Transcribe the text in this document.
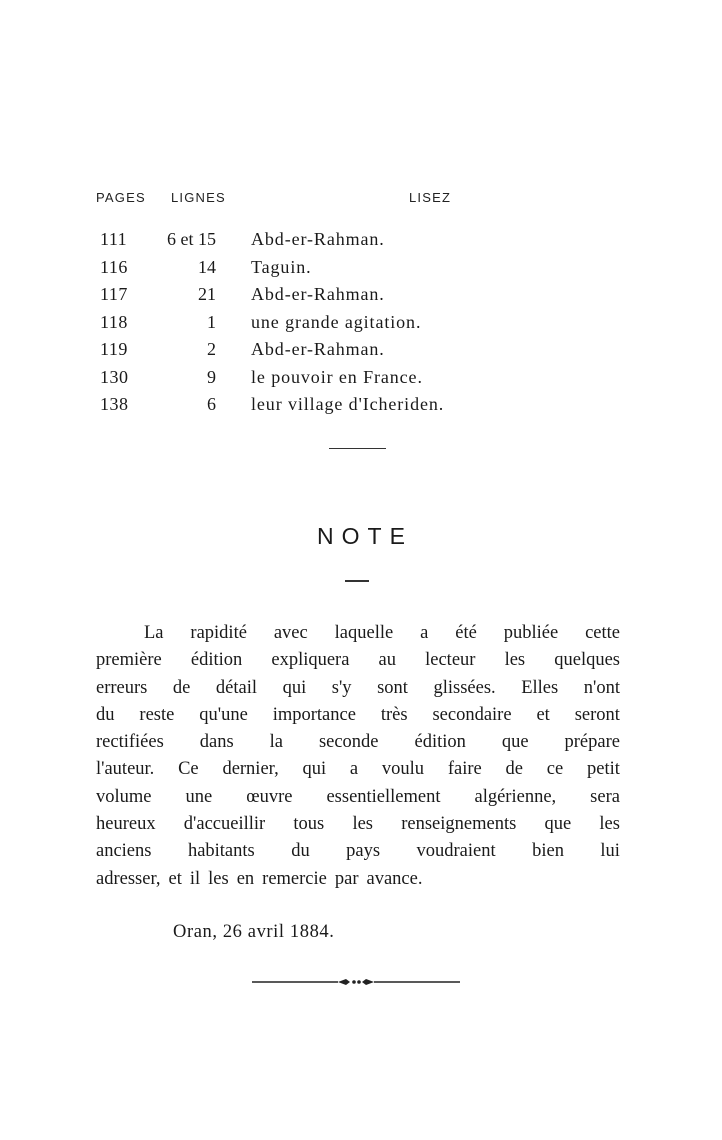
PAGES LIGNES	LISEZ
111	6 et 15 Abd-er-Rahman.
116	14 Taguin.
117	21 Abd-er-Rahman.
118	1 une grande agitation.
119	2 Abd-er-Rahman.
130	9 le pouvoir en France.
138	6 leur village d'Icheriden.
NOTE
La rapidité avec laquelle a été publiée cette
première édition expliquera au lecteur les quelques
erreurs de détail qui s'y sont glissées. Elles n'ont
du reste qu'une importance très secondaire et seront
rectifiées dans la seconde édition que prépare
l'auteur. Ce dernier, qui a voulu faire de ce petit
volume une œuvre essentiellement algérienne, sera
heureux d'accueillir tous les renseignements que les
anciens habitants du pays voudraient bien lui
adresser, et il les en remercie par avance.
Oran, 26 avril 1884.
